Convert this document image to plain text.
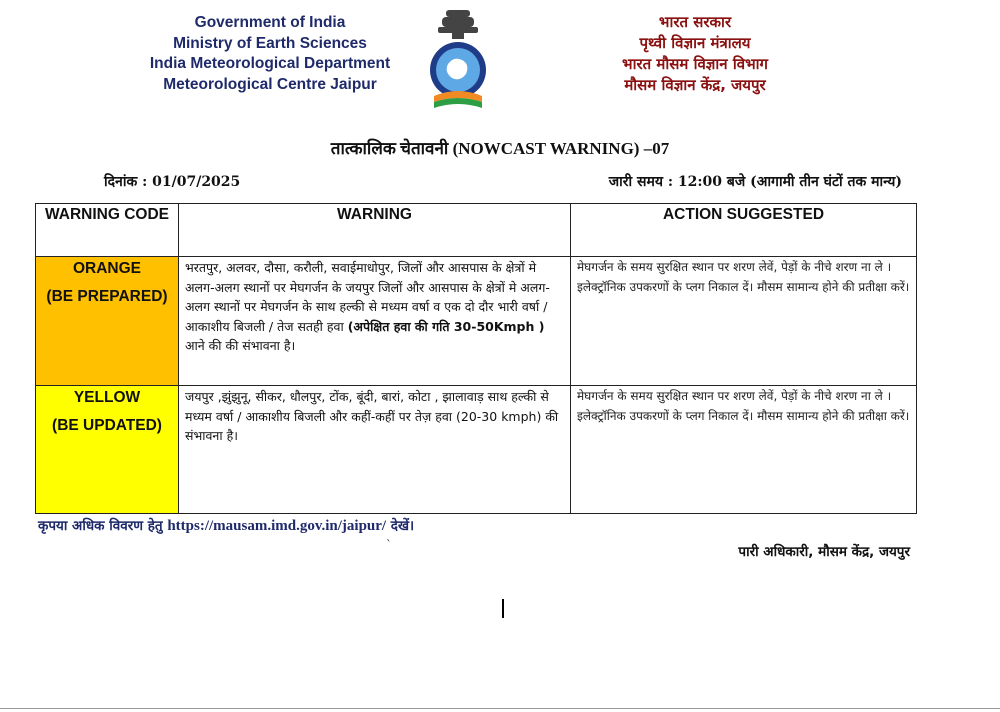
Government of India
Ministry of Earth Sciences
India Meteorological Department
Meteorological Centre Jaipur
भारत सरकार
पृथ्वी विज्ञान मंत्रालय
भारत मौसम विज्ञान विभाग
मौसम विज्ञान केंद्र, जयपुर
तात्कालिक चेतावनी (NOWCAST WARNING) –07
दिनांक : 01/07/2025	जारी समय : 12:00 बजे (आगामी तीन घंटों तक मान्य)
WARNING CODE	WARNING	ACTION SUGGESTED

ORANGE
(BE PREPARED)	भरतपुर, अलवर, दौसा, करौली, सवाईमाधोपुर, जिलों और आसपास के क्षेत्रों मे अलग-अलग स्थानों पर मेघगर्जन के जयपुर जिलों और आसपास के क्षेत्रों मे अलग-अलग स्थानों पर मेघगर्जन के साथ हल्की से मध्यम वर्षा व एक दो दौर भारी वर्षा /आकाशीय बिजली / तेज सतही हवा (अपेक्षित हवा की गति 30-50Kmph ) आने की की संभावना है।	मेघगर्जन के समय सुरक्षित स्थान पर शरण लेवें, पेड़ों के नीचे शरण ना ले । इलेक्ट्रॉनिक उपकरणों के प्लग निकाल दें। मौसम सामान्य होने की प्रतीक्षा करें।

YELLOW
(BE UPDATED)	जयपुर ,झुंझुनू, सीकर, धौलपुर, टोंक, बूंदी, बारां, कोटा , झालावाड़ साथ हल्की से मध्यम वर्षा / आकाशीय बिजली और कहीं-कहीं पर तेज़ हवा (20-30 kmph) की संभावना है।	मेघगर्जन के समय सुरक्षित स्थान पर शरण लेवें, पेड़ों के नीचे शरण ना ले । इलेक्ट्रॉनिक उपकरणों के प्लग निकाल दें। मौसम सामान्य होने की प्रतीक्षा करें।
कृपया अधिक विवरण हेतु https://mausam.imd.gov.in/jaipur/ देखें।
`	पारी अधिकारी, मौसम केंद्र, जयपुर
